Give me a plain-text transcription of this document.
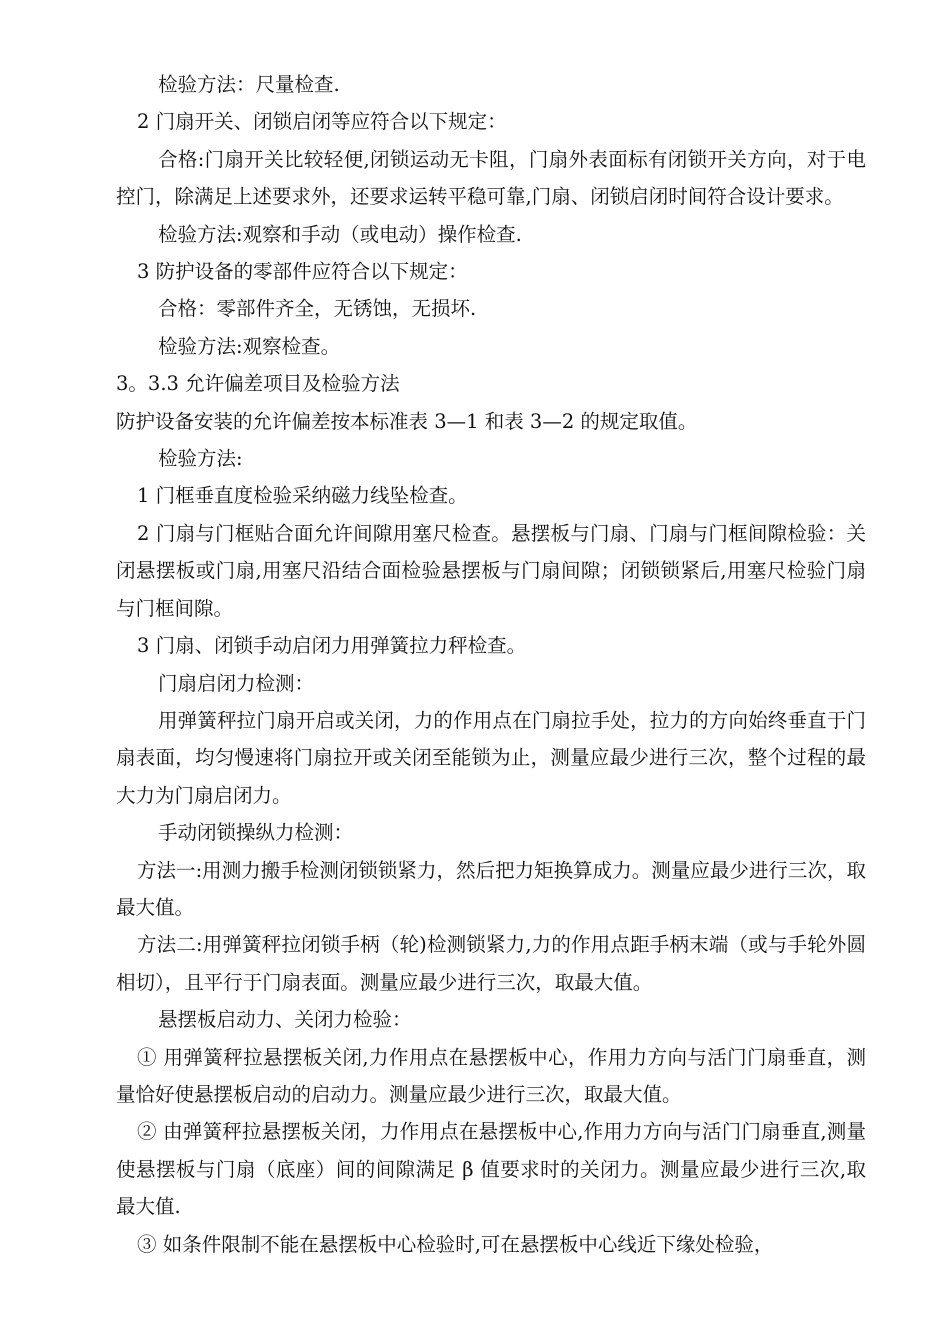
检验方法：尺量检查.

2 门扇开关、闭锁启闭等应符合以下规定：

合格:门扇开关比较轻便,闭锁运动无卡阻，门扇外表面标有闭锁开关方向，对于电控门，除满足上述要求外，还要求运转平稳可靠,门扇、闭锁启闭时间符合设计要求。

检验方法:观察和手动（或电动）操作检查.

3 防护设备的零部件应符合以下规定：

合格：零部件齐全，无锈蚀，无损坏.

检验方法:观察检查。

3。3.3 允许偏差项目及检验方法

防护设备安装的允许偏差按本标准表 3—1 和表 3—2 的规定取值。

检验方法:

1 门框垂直度检验采纳磁力线坠检查。

2 门扇与门框贴合面允许间隙用塞尺检查。悬摆板与门扇、门扇与门框间隙检验：关闭悬摆板或门扇,用塞尺沿结合面检验悬摆板与门扇间隙；闭锁锁紧后,用塞尺检验门扇与门框间隙。

3 门扇、闭锁手动启闭力用弹簧拉力秤检查。

门扇启闭力检测：

用弹簧秤拉门扇开启或关闭，力的作用点在门扇拉手处，拉力的方向始终垂直于门扇表面，均匀慢速将门扇拉开或关闭至能锁为止，测量应最少进行三次，整个过程的最大力为门扇启闭力。

手动闭锁操纵力检测：

方法一:用测力搬手检测闭锁锁紧力，然后把力矩换算成力。测量应最少进行三次，取最大值。

方法二:用弹簧秤拉闭锁手柄（轮)检测锁紧力,力的作用点距手柄末端（或与手轮外圆相切），且平行于门扇表面。测量应最少进行三次，取最大值。

悬摆板启动力、关闭力检验：

① 用弹簧秤拉悬摆板关闭,力作用点在悬摆板中心，作用力方向与活门门扇垂直，测量恰好使悬摆板启动的启动力。测量应最少进行三次，取最大值。

② 由弹簧秤拉悬摆板关闭，力作用点在悬摆板中心,作用力方向与活门门扇垂直,测量使悬摆板与门扇（底座）间的间隙满足 β 值要求时的关闭力。测量应最少进行三次,取最大值.

③ 如条件限制不能在悬摆板中心检验时,可在悬摆板中心线近下缘处检验，
